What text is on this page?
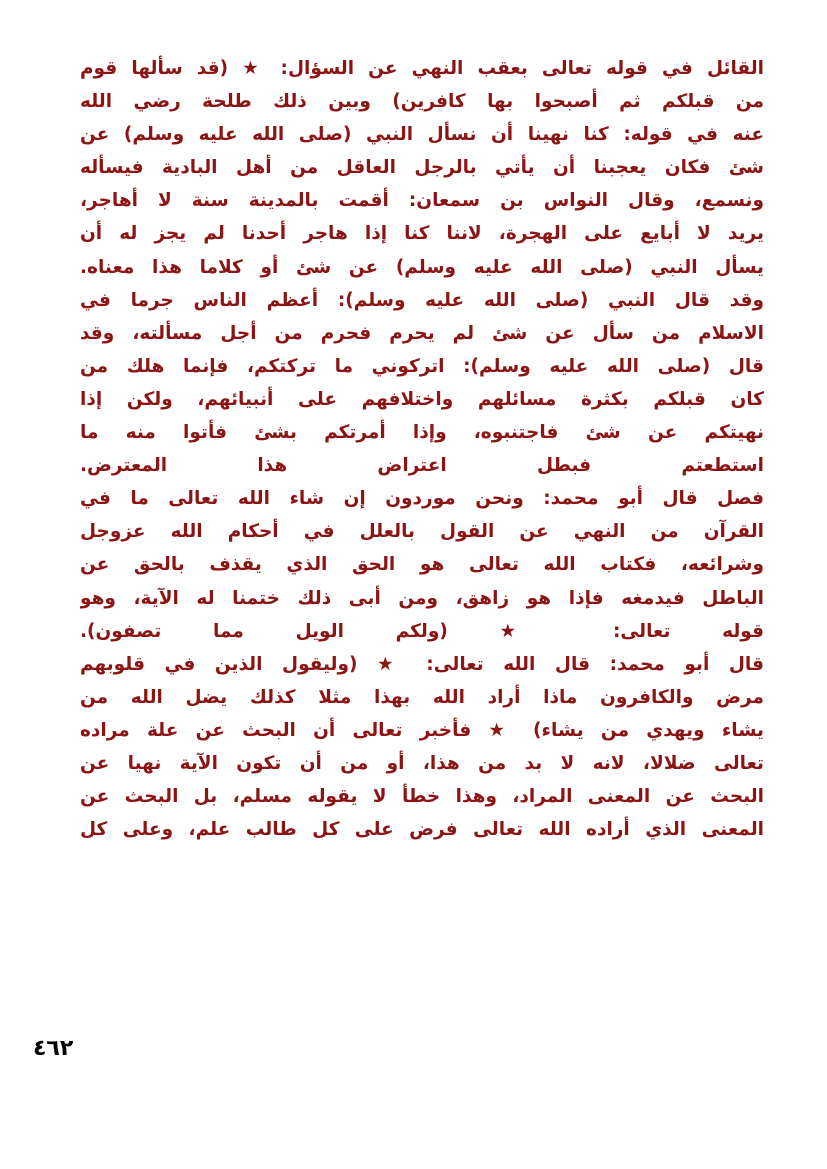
القائل في قوله تعالى بعقب النهي عن السؤال: ★ (قد سألها قوم
من قبلكم ثم أصبحوا بها كافرين) وبين ذلك طلحة رضي الله
عنه في قوله: كنا نهينا أن نسأل النبي (صلى الله عليه وسلم) عن
شئ فكان يعجبنا أن يأتي بالرجل العاقل من أهل البادية فيسأله
ونسمع، وقال النواس بن سمعان: أقمت بالمدينة سنة لا أهاجر،
يريد لا أبايع على الهجرة، لاننا كنا إذا هاجر أحدنا لم يجز له أن
يسأل النبي (صلى الله عليه وسلم) عن شئ أو كلاما هذا معناه.
وقد قال النبي (صلى الله عليه وسلم): أعظم الناس جرما في
الاسلام من سأل عن شئ لم يحرم فحرم من أجل مسألته، وقد
قال (صلى الله عليه وسلم): اتركوني ما تركتكم، فإنما هلك من
كان قبلكم بكثرة مسائلهم واختلافهم على أنبيائهم، ولكن إذا
نهيتكم عن شئ فاجتنبوه، وإذا أمرتكم بشئ فأتوا منه ما
استطعتم فبطل اعتراض هذا المعترض.
فصل قال أبو محمد: ونحن موردون إن شاء الله تعالى ما في
القرآن من النهي عن القول بالعلل في أحكام الله عزوجل
وشرائعه، فكتاب الله تعالى هو الحق الذي يقذف بالحق عن
الباطل فيدمغه فإذا هو زاهق، ومن أبى ذلك ختمنا له الآية، وهو
قوله تعالى: ★ (ولكم الويل مما تصفون).
قال أبو محمد: قال الله تعالى: ★ (وليقول الذين في قلوبهم
مرض والكافرون ماذا أراد الله بهذا مثلا كذلك يضل الله من
يشاء ويهدي من يشاء) ★ فأخبر تعالى أن البحث عن علة مراده
تعالى ضلالا، لانه لا بد من هذا، أو من أن تكون الآية نهيا عن
البحث عن المعنى المراد، وهذا خطأ لا يقوله مسلم، بل البحث عن
المعنى الذي أراده الله تعالى فرض على كل طالب علم، وعلى كل
٤٦٢
